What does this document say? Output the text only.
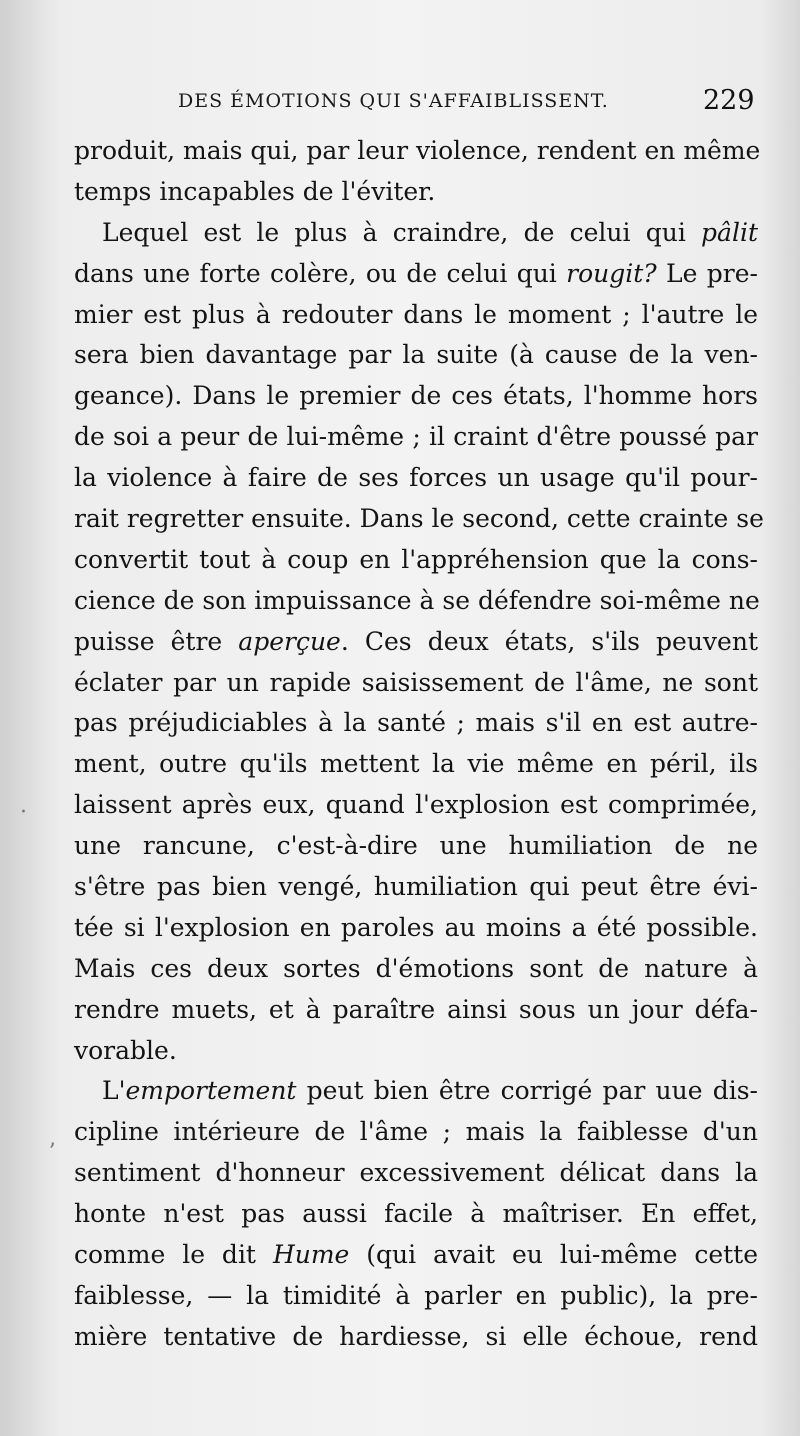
DES ÉMOTIONS QUI S'AFFAIBLISSENT.	229
produit, mais qui, par leur violence, rendent en même
temps incapables de l'éviter.
Lequel est le plus à craindre, de celui qui pâlit
dans une forte colère, ou de celui qui rougit? Le pre-
mier est plus à redouter dans le moment ; l'autre le
sera bien davantage par la suite (à cause de la ven-
geance). Dans le premier de ces états, l'homme hors
de soi a peur de lui-même ; il craint d'être poussé par
la violence à faire de ses forces un usage qu'il pour-
rait regretter ensuite. Dans le second, cette crainte se
convertit tout à coup en l'appréhension que la cons-
cience de son impuissance à se défendre soi-même ne
puisse être aperçue. Ces deux états, s'ils peuvent
éclater par un rapide saisissement de l'âme, ne sont
pas préjudiciables à la santé ; mais s'il en est autre-
ment, outre qu'ils mettent la vie même en péril, ils
laissent après eux, quand l'explosion est comprimée,
une rancune, c'est-à-dire une humiliation de ne
s'être pas bien vengé, humiliation qui peut être évi-
tée si l'explosion en paroles au moins a été possible.
Mais ces deux sortes d'émotions sont de nature à
rendre muets, et à paraître ainsi sous un jour défa-
vorable.
L'emportement peut bien être corrigé par uue dis-
cipline intérieure de l'âme ; mais la faiblesse d'un
sentiment d'honneur excessivement délicat dans la
honte n'est pas aussi facile à maîtriser. En effet,
comme le dit Hume (qui avait eu lui-même cette
faiblesse, — la timidité à parler en public), la pre-
mière tentative de hardiesse, si elle échoue, rend
·
ʼ
